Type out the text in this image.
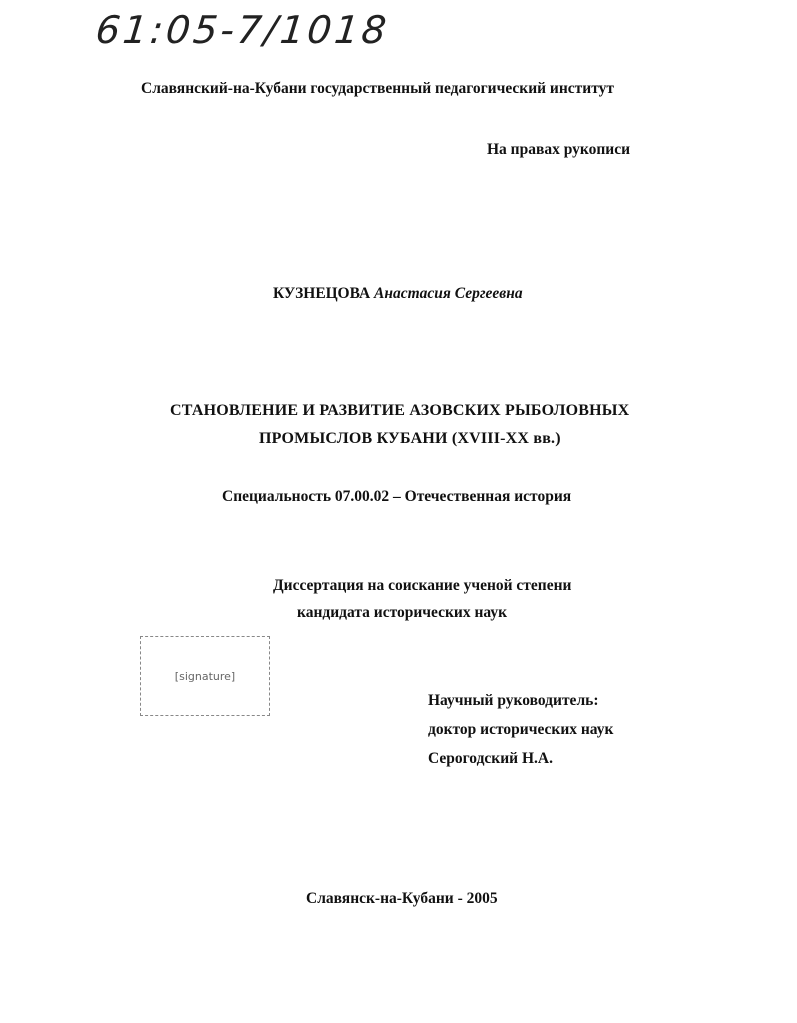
61:05-7/1018
Славянский-на-Кубани государственный педагогический институт
На правах рукописи
КУЗНЕЦОВА Анастасия Сергеевна
СТАНОВЛЕНИЕ И РАЗВИТИЕ АЗОВСКИХ РЫБОЛОВНЫХ
ПРОМЫСЛОВ КУБАНИ (XVIII-XX вв.)
Специальность 07.00.02 – Отечественная история
Диссертация на соискание ученой степени
кандидата исторических наук
[signature]
Научный руководитель:
доктор исторических наук
Серогодский Н.А.
Славянск-на-Кубани - 2005
